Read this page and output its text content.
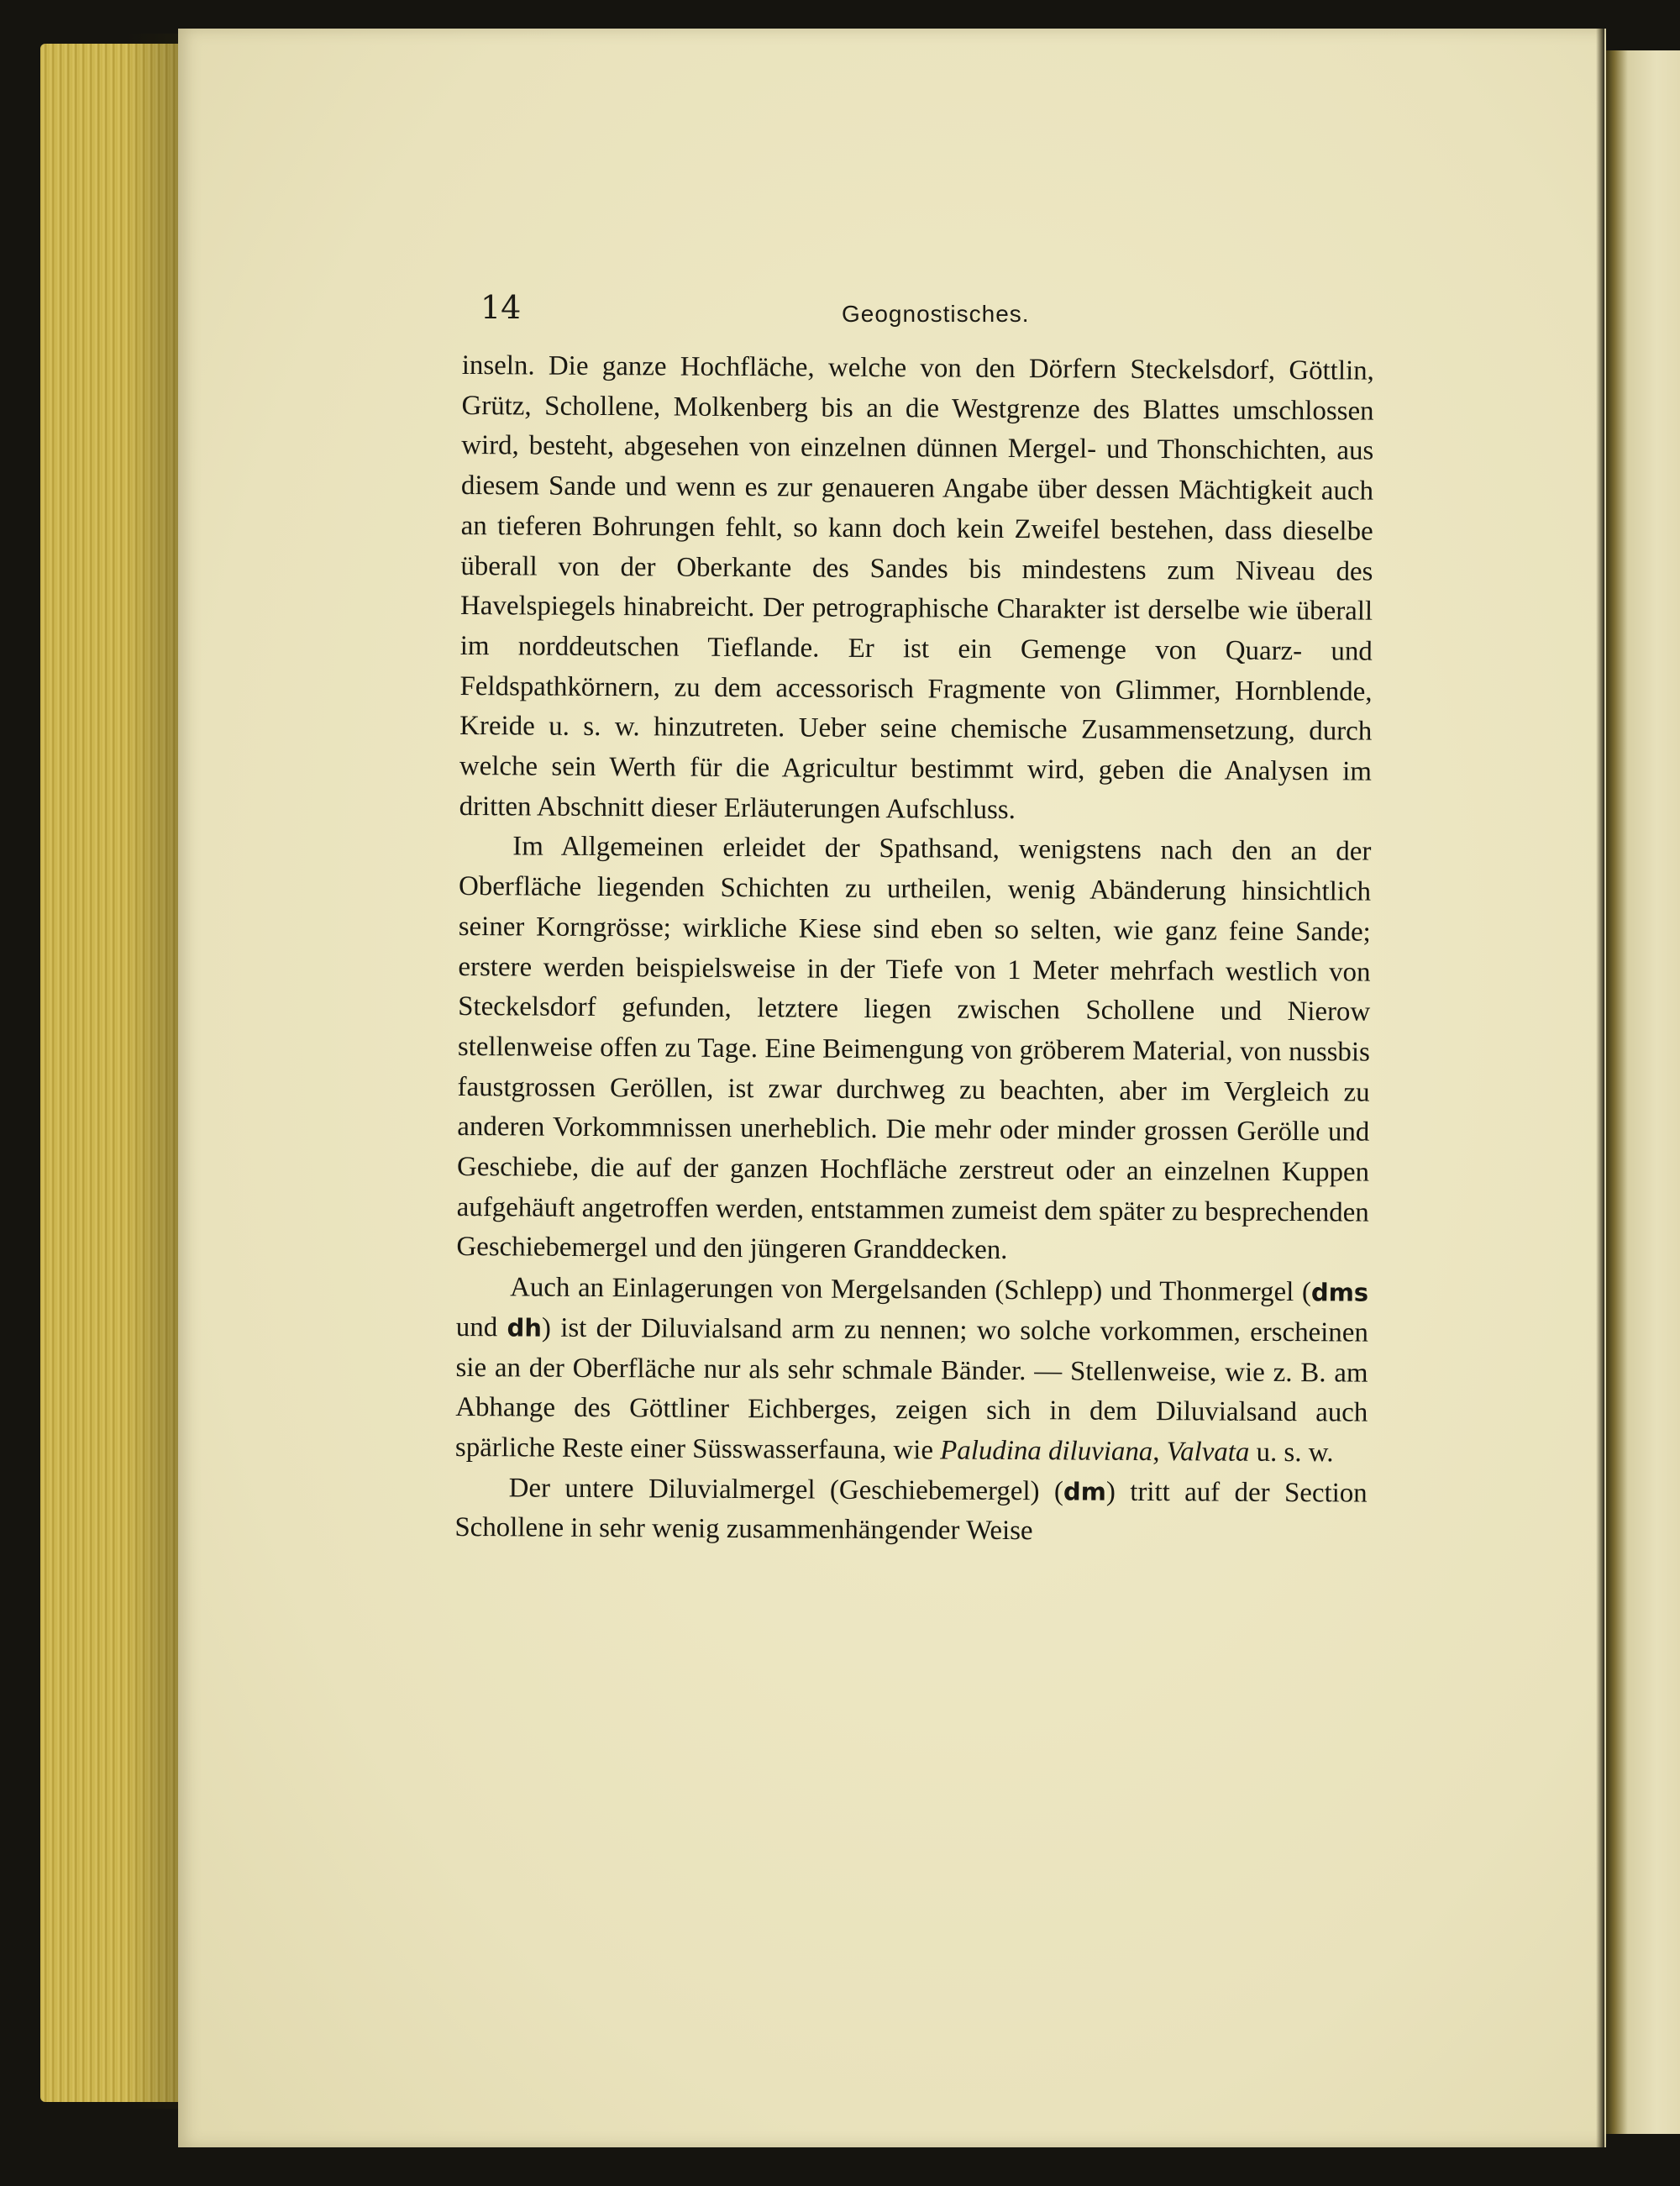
14	Geognostisches.

inseln. Die ganze Hochfläche, welche von den Dörfern Steckelsdorf, Göttlin, Grütz, Schollene, Molkenberg bis an die Westgrenze des Blattes umschlossen wird, besteht, abgesehen von einzelnen dünnen Mergel- und Thonschichten, aus diesem Sande und wenn es zur genaueren Angabe über dessen Mächtigkeit auch an tieferen Bohrungen fehlt, so kann doch kein Zweifel bestehen, dass dieselbe überall von der Oberkante des Sandes bis mindestens zum Niveau des Havelspiegels hinabreicht. Der petrographische Charakter ist derselbe wie überall im norddeutschen Tieflande. Er ist ein Gemenge von Quarz- und Feldspathkörnern, zu dem accessorisch Fragmente von Glimmer, Hornblende, Kreide u. s. w. hinzutreten. Ueber seine chemische Zusammensetzung, durch welche sein Werth für die Agricultur bestimmt wird, geben die Analysen im dritten Abschnitt dieser Erläuterungen Aufschluss.

Im Allgemeinen erleidet der Spathsand, wenigstens nach den an der Oberfläche liegenden Schichten zu urtheilen, wenig Abänderung hinsichtlich seiner Korngrösse; wirkliche Kiese sind eben so selten, wie ganz feine Sande; erstere werden beispielsweise in der Tiefe von 1 Meter mehrfach westlich von Steckelsdorf gefunden, letztere liegen zwischen Schollene und Nierow stellenweise offen zu Tage. Eine Beimengung von gröberem Material, von nussbis faustgrossen Geröllen, ist zwar durchweg zu beachten, aber im Vergleich zu anderen Vorkommnissen unerheblich. Die mehr oder minder grossen Gerölle und Geschiebe, die auf der ganzen Hochfläche zerstreut oder an einzelnen Kuppen aufgehäuft angetroffen werden, entstammen zumeist dem später zu besprechenden Geschiebemergel und den jüngeren Granddecken.

Auch an Einlagerungen von Mergelsanden (Schlepp) und Thonmergel (dms und dh) ist der Diluvialsand arm zu nennen; wo solche vorkommen, erscheinen sie an der Oberfläche nur als sehr schmale Bänder. — Stellenweise, wie z. B. am Abhange des Göttliner Eichberges, zeigen sich in dem Diluvialsand auch spärliche Reste einer Süsswasserfauna, wie Paludina diluviana, Valvata u. s. w.

Der untere Diluvialmergel (Geschiebemergel) (dm) tritt auf der Section Schollene in sehr wenig zusammenhängender Weise
